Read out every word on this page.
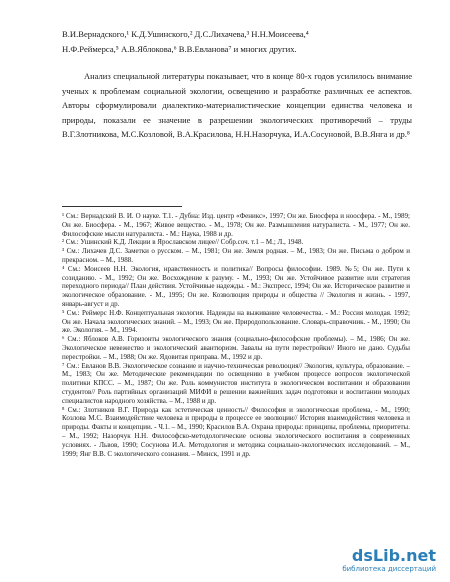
В.И.Вернадского,¹ К.Д.Ушинского,² Д.С.Лихачева,³ Н.Н.Моисеева,⁴
Н.Ф.Реймерса,⁵ А.В.Яблокова,⁶ В.В.Евланова⁷ и многих других.

Анализ специальной литературы показывает, что в конце 80-х годов усилилось внимание ученых к проблемам социальной экологии, освещению и разработке различных ее аспектов. Авторы сформулировали диалектико-материалистические концепции единства человека и природы, показали ее значение в разрешении экологических противоречий – труды В.Г.Злотникова, М.С.Козловой, В.А.Красилова, Н.Н.Назорчука, И.А.Сосуновой, В.В.Янга и др.⁸

¹ См.: Вернадский В. И. О науке. Т.1. - Дубна: Изд. центр «Феникс», 1997; Он же. Биосфера и ноосфера. - М., 1989; Он же. Биосфера. - М., 1967; Живое вещество. - М., 1978; Он же. Размышления натуралиста. - М., 1977; Он же. Философские мысли натуралиста. - М.: Наука, 1988 и др.

² См.: Ушинский К.Д. Лекции в Ярославском лицее// Собр.соч. т.1 – М.; Л., 1948.

³ См.: Лихачев Д.С. Заметки о русском. – М., 1981; Он же. Земля родная. – М., 1983; Он же. Письма о добром и прекрасном. – М., 1988.

⁴ См.: Моисеев Н.Н. Экология, нравственность и политика// Вопросы философии. 1989. №5; Он же. Пути к созиданию. - М., 1992; Он же. Восхождение к разуму. - М., 1993; Он же. Устойчивое развитие или стратегия переходного периода// План действия. Устойчивые надежды. - М.: Экспресс, 1994; Он же. Историческое развитие и экологическое образование. - М., 1995; Он же. Козволюция природы и общества // Экология и жизнь. - 1997, январь-август и др.

⁵ См.: Реймерс Н.Ф. Концептуальная экология. Надежды на выживание человечества. - М.: Россия молодая. 1992; Он же. Начала экологических знаний. – М., 1993; Он же. Природопользование. Словарь-справочник. - М., 1990; Он же. Экология. – М., 1994.

⁶ См.: Яблоков А.В. Горизонты экологического знания (социально-философские проблемы). – М., 1986; Он же. Экологическое невежество и экологический авантюризм. Завалы на пути перестройки// Иного не дано. Судьбы перестройки. – М., 1988; Он же. Ядовитая приправа. М., 1992 и др.

⁷ См.: Евланов В.В. Экологическое сознание и научно-техническая революция// Экология, культура, образование. – М., 1983; Он же. Методические рекомендации по освещению в учебном процессе вопросов экологической политики КПСС. – М., 1987; Он же. Роль коммунистов института в экологическом воспитании и образовании студентов// Роль партийных организаций МИФИ в решении важнейших задач подготовки и воспитании молодых специалистов народного хозяйства. – М., 1988 и др.

⁸ См.: Злотников В.Г. Природа как эстетическая ценность// Философия и экологическая проблема, - М., 1990; Козлова М.С. Взаимодействие человека и природы в процессе ее эволюции// История взаимодействия человека и природы. Факты и концепции. - Ч.1. – М., 1990; Красилов В.А. Охрана природы: принципы, проблемы, приоритеты. – М., 1992; Назорчук Н.Н. Философско-методологические основы экологического воспитания в современных условиях. - Львов, 1990; Сосунова И.А. Методология и методика социально-экологических исследований. – М., 1999; Янг В.В. С экологического сознания. – Минск, 1991 и др.

dsLib.net
библиотека диссертаций
